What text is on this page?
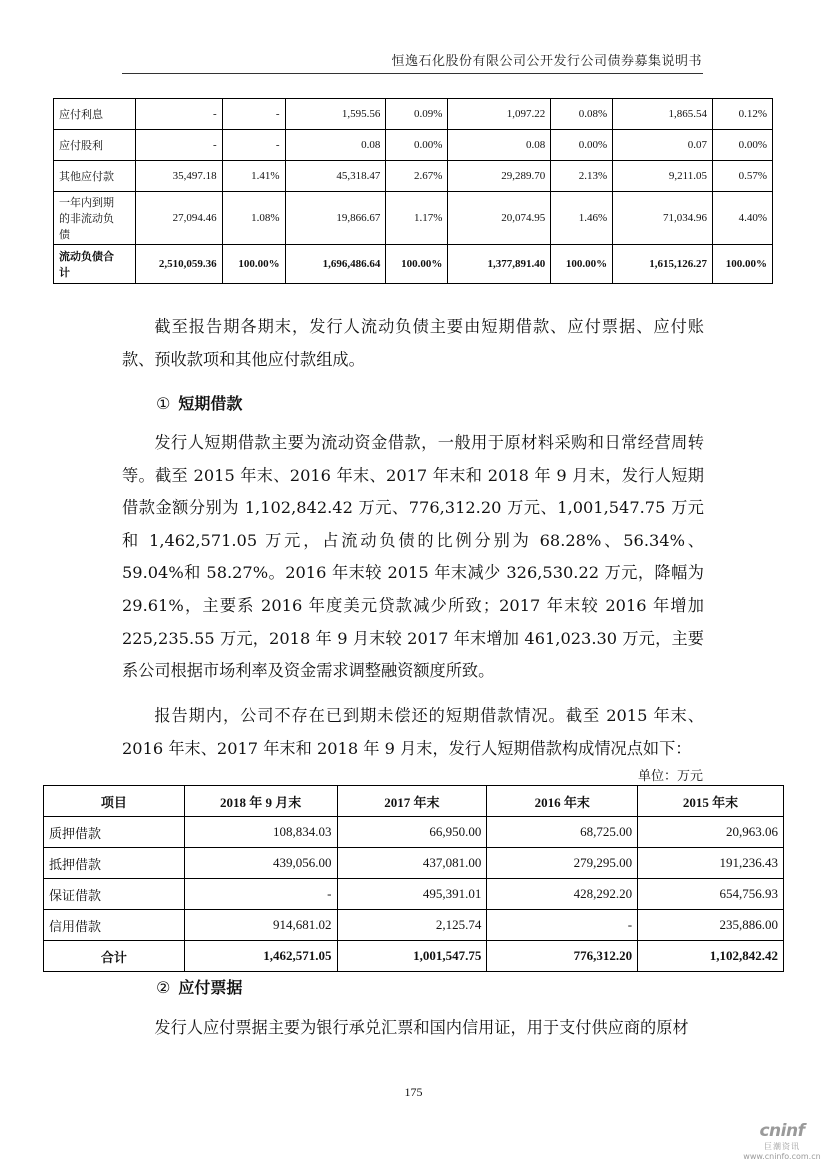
恒逸石化股份有限公司公开发行公司债券募集说明书
应付利息	-	-	1,595.56	0.09%	1,097.22	0.08%	1,865.54	0.12%
应付股利	-	-	0.08	0.00%	0.08	0.00%	0.07	0.00%
其他应付款	35,497.18	1.41%	45,318.47	2.67%	29,289.70	2.13%	9,211.05	0.57%

一年内到期
的非流动负
债	27,094.46	1.08%	19,866.67	1.17%	20,074.95	1.46%	71,034.96	4.40%

流动负债合
计	2,510,059.36	100.00%	1,696,486.64	100.00%	1,377,891.40	100.00%	1,615,126.27	100.00%

截至报告期各期末，发行人流动负债主要由短期借款、应付票据、应付账款、预收款项和其他应付款组成。

① 短期借款

发行人短期借款主要为流动资金借款，一般用于原材料采购和日常经营周转等。截至 2015 年末、2016 年末、2017 年末和 2018 年 9 月末，发行人短期借款金额分别为 1,102,842.42 万元、776,312.20 万元、1,001,547.75 万元和 1,462,571.05 万元，占流动负债的比例分别为 68.28%、56.34%、59.04%和 58.27%。2016 年末较 2015 年末减少 326,530.22 万元，降幅为 29.61%，主要系 2016 年度美元贷款减少所致；2017 年末较 2016 年增加 225,235.55 万元，2018 年 9 月末较 2017 年末增加 461,023.30 万元，主要系公司根据市场利率及资金需求调整融资额度所致。

报告期内，公司不存在已到期未偿还的短期借款情况。截至 2015 年末、2016 年末、2017 年末和 2018 年 9 月末，发行人短期借款构成情况点如下：

单位：万元
项目	2018 年 9 月末	2017 年末	2016 年末	2015 年末
质押借款	108,834.03	66,950.00	68,725.00	20,963.06
抵押借款	439,056.00	437,081.00	279,295.00	191,236.43
保证借款	-	495,391.01	428,292.20	654,756.93
信用借款	914,681.02	2,125.74	-	235,886.00
合计	1,462,571.05	1,001,547.75	776,312.20	1,102,842.42
② 应付票据

发行人应付票据主要为银行承兑汇票和国内信用证，用于支付供应商的原材

175
cninf
巨潮资讯
www.cninfo.com.cn
